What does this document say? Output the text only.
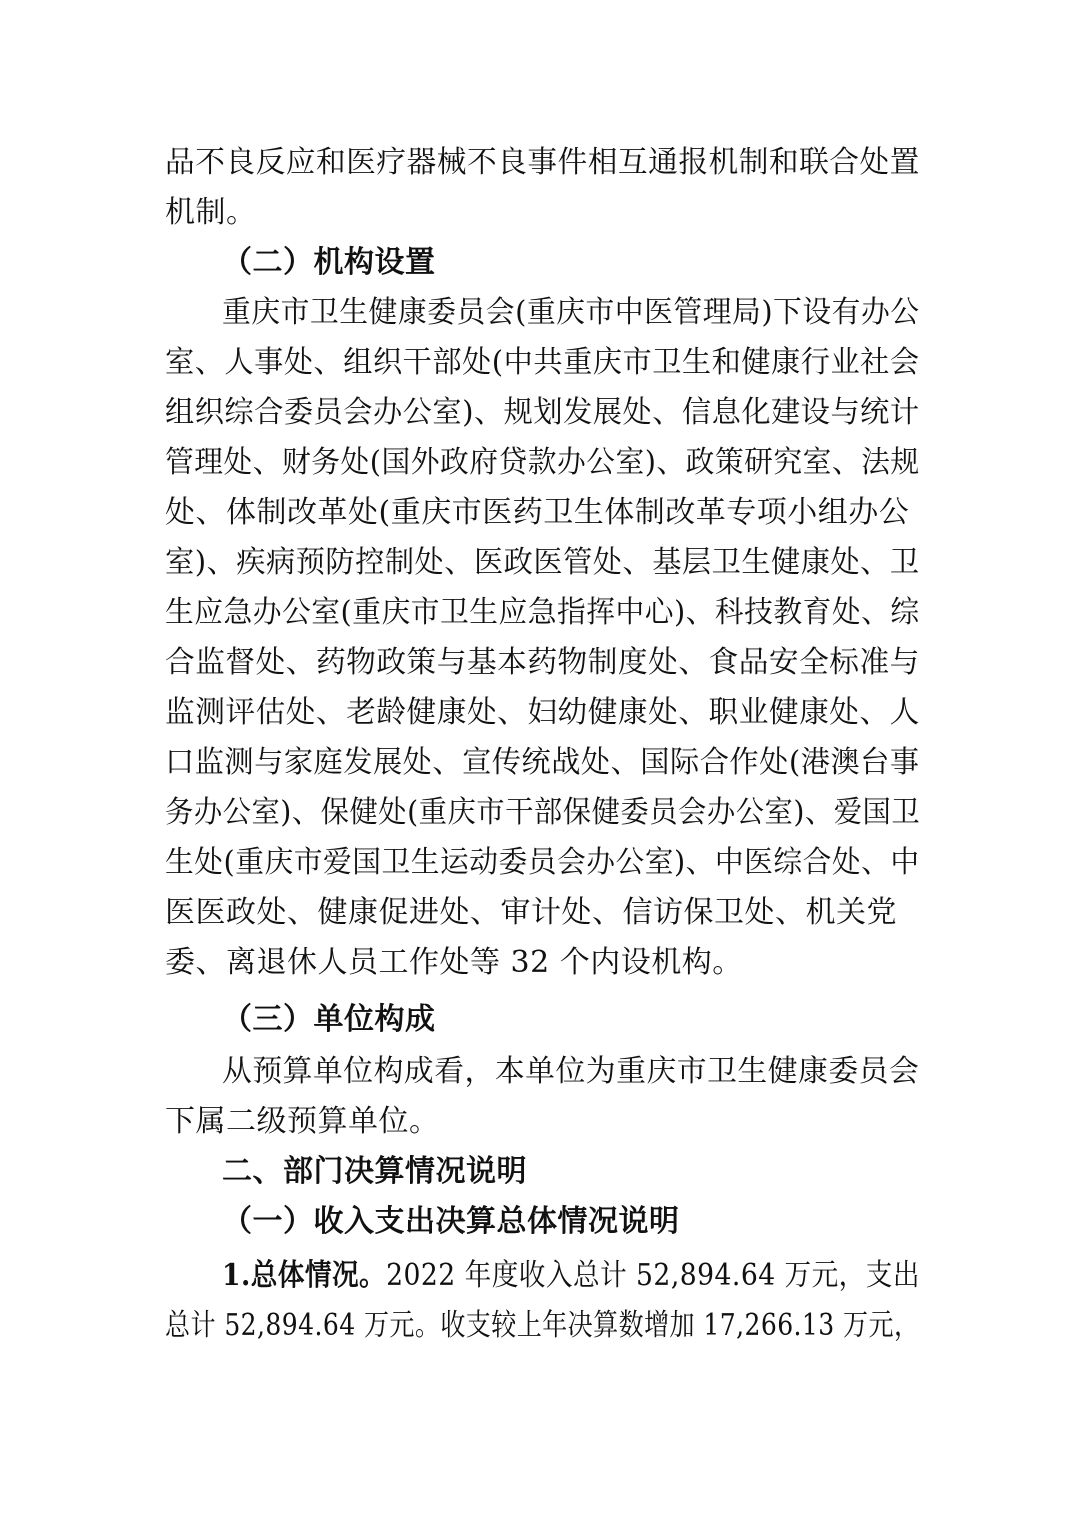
品不良反应和医疗器械不良事件相互通报机制和联合处置
机制。
（二）机构设置
重庆市卫生健康委员会(重庆市中医管理局)下设有办公
室、人事处、组织干部处(中共重庆市卫生和健康行业社会
组织综合委员会办公室)、规划发展处、信息化建设与统计
管理处、财务处(国外政府贷款办公室)、政策研究室、法规
处、体制改革处(重庆市医药卫生体制改革专项小组办公
室)、疾病预防控制处、医政医管处、基层卫生健康处、卫
生应急办公室(重庆市卫生应急指挥中心)、科技教育处、综
合监督处、药物政策与基本药物制度处、食品安全标准与
监测评估处、老龄健康处、妇幼健康处、职业健康处、人
口监测与家庭发展处、宣传统战处、国际合作处(港澳台事
务办公室)、保健处(重庆市干部保健委员会办公室)、爱国卫
生处(重庆市爱国卫生运动委员会办公室)、中医综合处、中
医医政处、健康促进处、审计处、信访保卫处、机关党
委、离退休人员工作处等 32 个内设机构。
（三）单位构成
从预算单位构成看，本单位为重庆市卫生健康委员会
下属二级预算单位。
二、部门决算情况说明
（一）收入支出决算总体情况说明
1.总体情况。2022 年度收入总计 52,894.64 万元，支出
总计 52,894.64 万元。收支较上年决算数增加 17,266.13 万元，
